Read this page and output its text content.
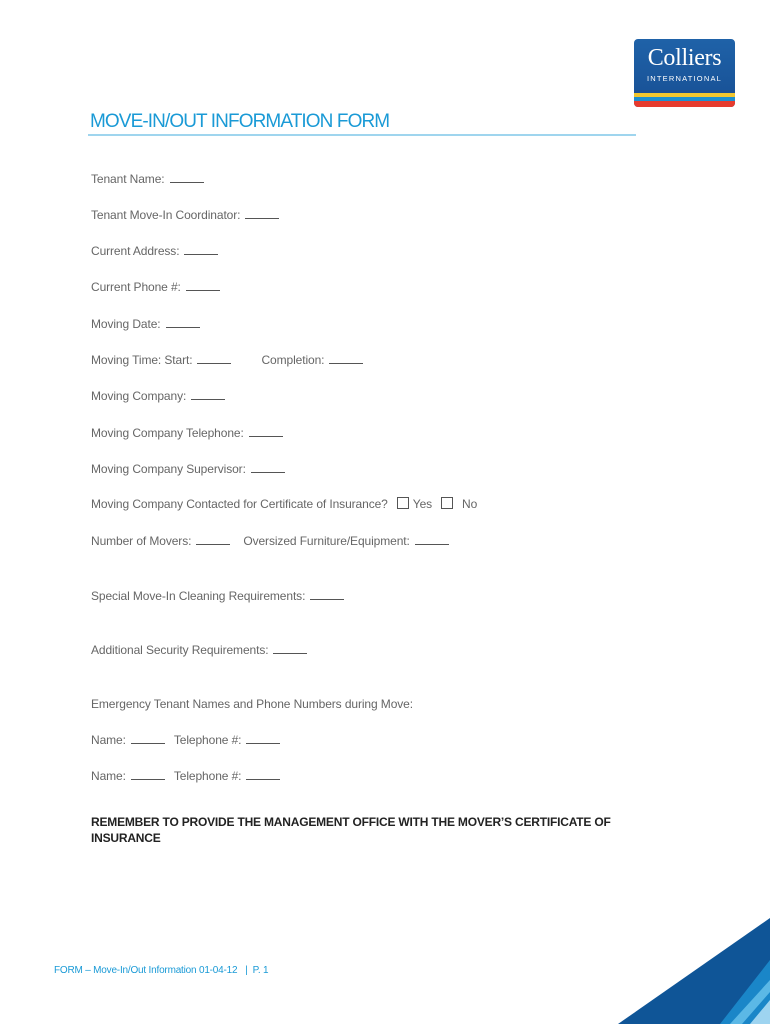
Colliers
INTERNATIONAL
MOVE-IN/OUT INFORMATION FORM
Tenant Name:
Tenant Move-In Coordinator:
Current Address:
Current Phone #:
Moving Date:
Moving Time: Start:	Completion:
Moving Company:
Moving Company Telephone:
Moving Company Supervisor:
Moving Company Contacted for Certificate of Insurance? Yes	No
Number of Movers:	Oversized Furniture/Equipment:
Special Move-In Cleaning Requirements:
Additional Security Requirements:
Emergency Tenant Names and Phone Numbers during Move:
Name:	Telephone #:
Name:	Telephone #:
REMEMBER TO PROVIDE THE MANAGEMENT OFFICE WITH THE MOVER’S CERTIFICATE OF INSURANCE
FORM – Move-In/Out Information 01-04-12   |  P. 1
